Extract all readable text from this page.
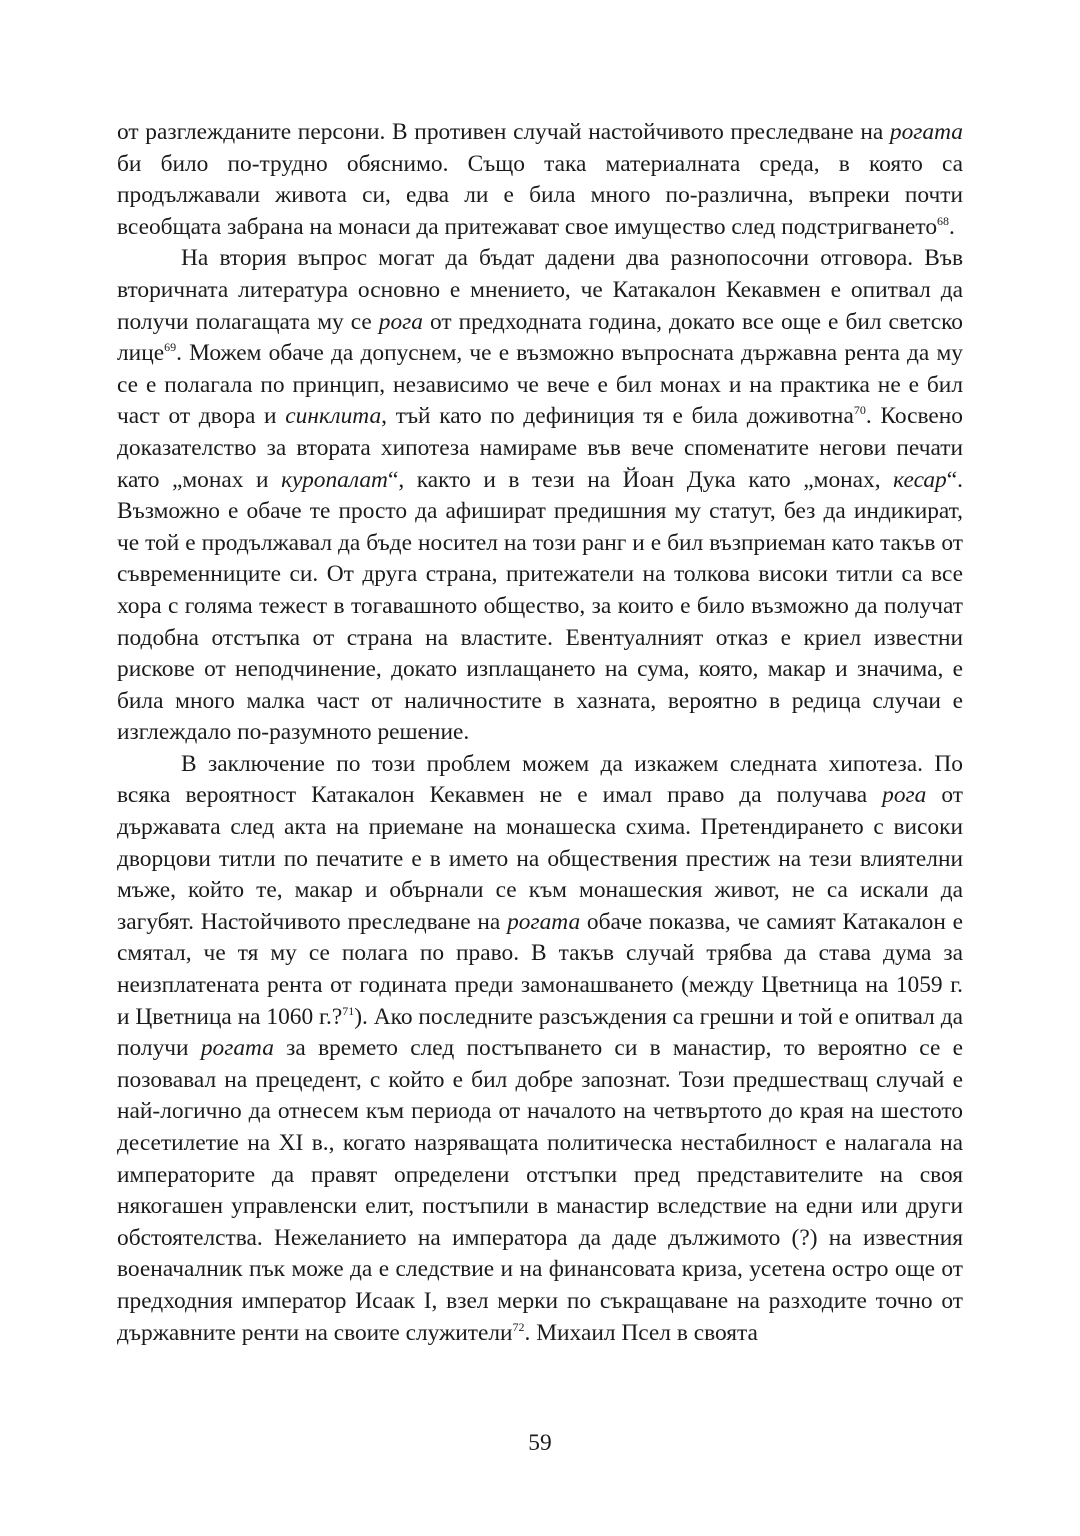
от разглежданите персони. В противен случай настойчивото преследване на рогата би било по-трудно обяснимо. Също така материалната среда, в която са продължавали живота си, едва ли е била много по-различна, въпреки почти всеобщата забрана на монаси да притежават свое имущество след подстригването$^{68}$.

На втория въпрос могат да бъдат дадени два разнопосочни отговора. Във вторичната литература основно е мнението, че Катакалон Кекавмен е опитвал да получи полагащата му се рога от предходната година, докато все още е бил светско лице$^{69}$. Можем обаче да допуснем, че е възможно въпросната държавна рента да му се е полагала по принцип, независимо че вече е бил монах и на практика не е бил част от двора и синклита, тъй като по дефиниция тя е била доживотна$^{70}$. Косвено доказателство за втората хипотеза намираме във вече споменатите негови печати като „монах и куропалат“, както и в тези на Йоан Дука като „монах, кесар“. Възможно е обаче те просто да афишират предишния му статут, без да индикират, че той е продължавал да бъде носител на този ранг и е бил възприеман като такъв от съвременниците си. От друга страна, притежатели на толкова високи титли са все хора с голяма тежест в тогавашното общество, за които е било възможно да получат подобна отстъпка от страна на властите. Евентуалният отказ е криел известни рискове от неподчинение, докато изплащането на сума, която, макар и значима, е била много малка част от наличностите в хазната, вероятно в редица случаи е изглеждало по-разумното решение.

В заключение по този проблем можем да изкажем следната хипотеза. По всяка вероятност Катакалон Кекавмен не е имал право да получава рога от държавата след акта на приемане на монашеска схима. Претендирането с високи дворцови титли по печатите е в името на обществения престиж на тези влиятелни мъже, който те, макар и обърнали се към монашеския живот, не са искали да загубят. Настойчивото преследване на рогата обаче показва, че самият Катакалон е смятал, че тя му се полага по право. В такъв случай трябва да става дума за неизплатената рента от годината преди замонашването (между Цветница на 1059 г. и Цветница на 1060 г.?$^{71}$). Ако последните разсъждения са грешни и той е опитвал да получи рогата за времето след постъпването си в манастир, то вероятно се е позовавал на прецедент, с който е бил добре запознат. Този предшестващ случай е най-логично да отнесем към периода от началото на четвъртото до края на шестото десетилетие на XI в., когато назряващата политическа нестабилност е налагала на императорите да правят определени отстъпки пред представителите на своя някогашен управленски елит, постъпили в манастир вследствие на едни или други обстоятелства. Нежеланието на императора да даде дължимото (?) на известния военачалник пък може да е следствие и на финансовата криза, усетена остро още от предходния император Исаак I, взел мерки по съкращаване на разходите точно от държавните ренти на своите служители$^{72}$. Михаил Псел в своята

59
